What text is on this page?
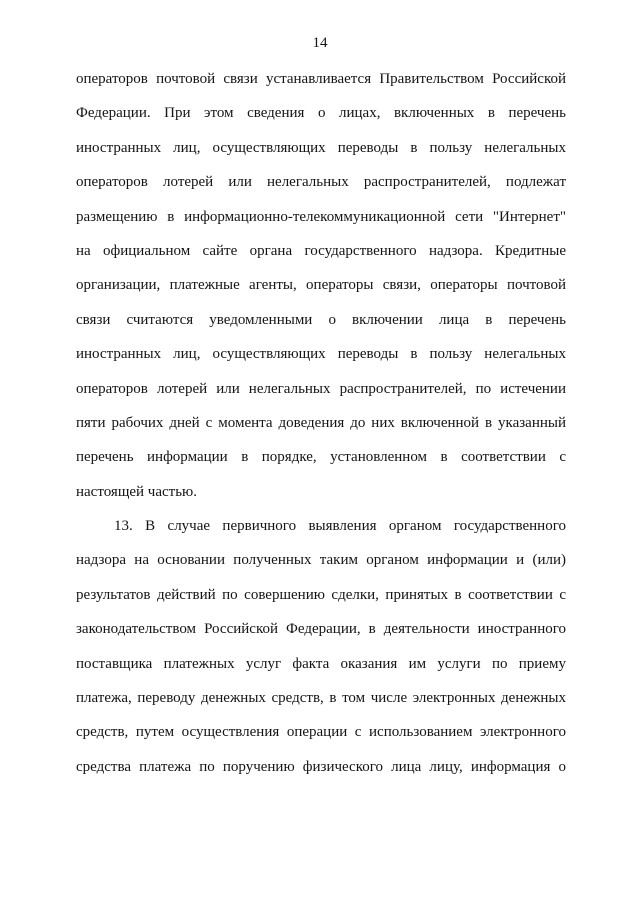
14
операторов почтовой связи устанавливается Правительством Российской
Федерации. При этом сведения о лицах, включенных в перечень
иностранных лиц, осуществляющих переводы в пользу нелегальных
операторов лотерей или нелегальных распространителей, подлежат
размещению в информационно-телекоммуникационной сети "Интернет"
на официальном сайте органа государственного надзора. Кредитные
организации, платежные агенты, операторы связи, операторы почтовой
связи считаются уведомленными о включении лица в перечень
иностранных лиц, осуществляющих переводы в пользу нелегальных
операторов лотерей или нелегальных распространителей, по истечении
пяти рабочих дней с момента доведения до них включенной в указанный
перечень информации в порядке, установленном в соответствии с
настоящей частью.
13. В случае первичного выявления органом государственного
надзора на основании полученных таким органом информации и (или)
результатов действий по совершению сделки, принятых в соответствии с
законодательством Российской Федерации, в деятельности иностранного
поставщика платежных услуг факта оказания им услуги по приему
платежа, переводу денежных средств, в том числе электронных денежных
средств, путем осуществления операции с использованием электронного
средства платежа по поручению физического лица лицу, информация о
